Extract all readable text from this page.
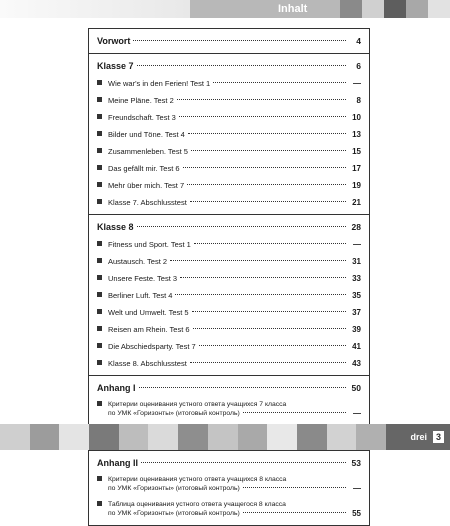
Inhalt
Vorwort	4
Klasse 7	6
Wie war's in den Ferien! Test 1	—
Meine Pläne. Test 2	8
Freundschaft. Test 3	10
Bilder und Töne. Test 4	13
Zusammenleben. Test 5	15
Das gefällt mir. Test 6	17
Mehr über mich. Test 7	19
Klasse 7. Abschlusstest	21
Klasse 8	28
Fitness und Sport. Test 1	—
Austausch. Test 2	31
Unsere Feste. Test 3	33
Berliner Luft. Test 4	35
Welt und Umwelt. Test 5	37
Reisen am Rhein. Test 6	39
Die Abschiedsparty. Test 7	41
Klasse 8. Abschlusstest	43
Anhang I	50
Критерии оценивания устного ответа учащихся 7 класса
по УМК «Горизонты» (итоговый контроль)	—
Anhang II	53
Критерии оценивания устного ответа учащихся 8 класса
по УМК «Горизонты» (итоговый контроль)	—
Таблица оценивания устного ответа учащегося 8 класса
по УМК «Горизонты» (итоговый контроль)	55
drei	3
